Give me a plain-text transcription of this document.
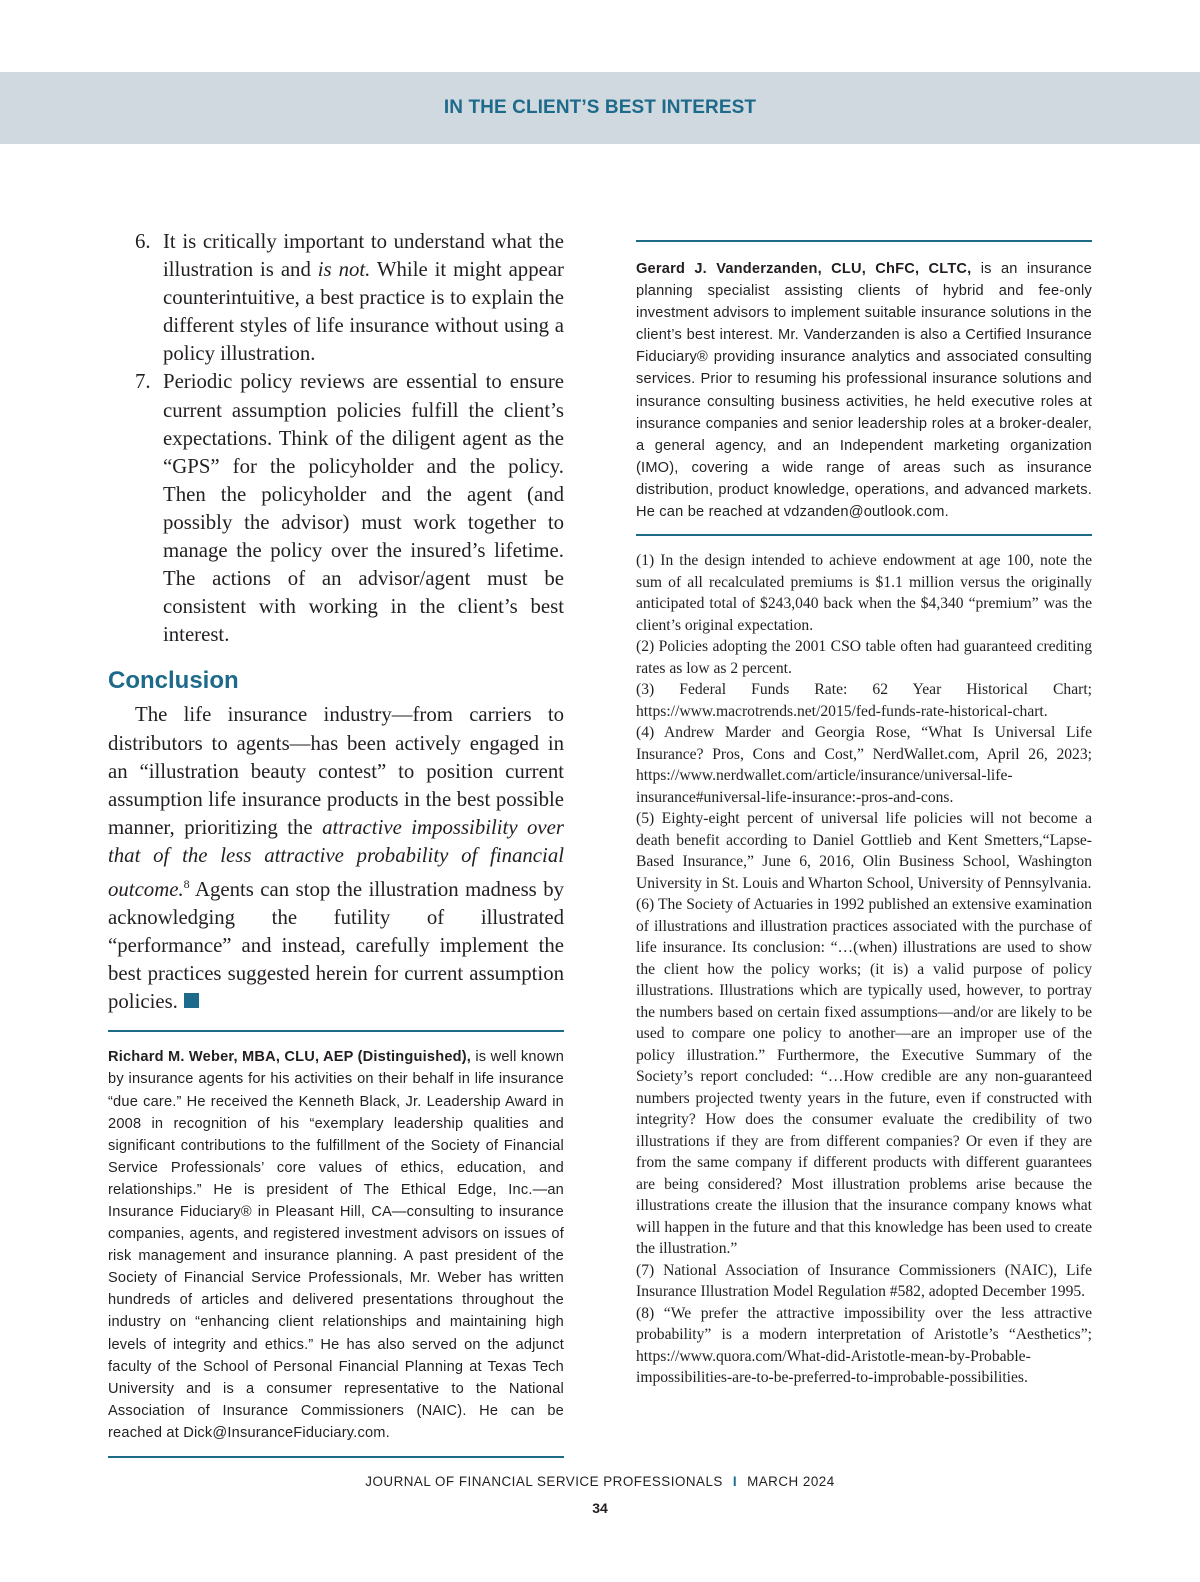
IN THE CLIENT’S BEST INTEREST
6. It is critically important to understand what the illustration is and is not. While it might appear counterintuitive, a best practice is to explain the different styles of life insurance without using a policy illustration.
7. Periodic policy reviews are essential to ensure current assumption policies fulfill the client’s expectations. Think of the diligent agent as the “GPS” for the policyholder and the policy. Then the policyholder and the agent (and possibly the advisor) must work together to manage the policy over the insured’s lifetime. The actions of an advisor/agent must be consistent with working in the client’s best interest.
Conclusion

The life insurance industry—from carriers to distributors to agents—has been actively engaged in an “illustration beauty contest” to position current assumption life insurance products in the best possible manner, prioritizing the attractive impossibility over that of the less attractive probability of financial outcome.$^8$ Agents can stop the illustration madness by acknowledging the futility of illustrated “performance” and instead, carefully implement the best practices suggested herein for current assumption policies.

Richard M. Weber, MBA, CLU, AEP (Distinguished), is well known by insurance agents for his activities on their behalf in life insurance “due care.” He received the Kenneth Black, Jr. Leadership Award in 2008 in recognition of his “exemplary leadership qualities and significant contributions to the fulfillment of the Society of Financial Service Professionals’ core values of ethics, education, and relationships.” He is president of The Ethical Edge, Inc.—an Insurance Fiduciary® in Pleasant Hill, CA—consulting to insurance companies, agents, and registered investment advisors on issues of risk management and insurance planning. A past president of the Society of Financial Service Professionals, Mr. Weber has written hundreds of articles and delivered presentations throughout the industry on “enhancing client relationships and maintaining high levels of integrity and ethics.” He has also served on the adjunct faculty of the School of Personal Financial Planning at Texas Tech University and is a consumer representative to the National Association of Insurance Commissioners (NAIC). He can be reached at Dick@InsuranceFiduciary.com.

Gerard J. Vanderzanden, CLU, ChFC, CLTC, is an insurance planning specialist assisting clients of hybrid and fee-only investment advisors to implement suitable insurance solutions in the client’s best interest. Mr. Vanderzanden is also a Certified Insurance Fiduciary® providing insurance analytics and associated consulting services. Prior to resuming his professional insurance solutions and insurance consulting business activities, he held executive roles at insurance companies and senior leadership roles at a broker-dealer, a general agency, and an Independent marketing organization (IMO), covering a wide range of areas such as insurance distribution, product knowledge, operations, and advanced markets. He can be reached at vdzanden@outlook.com.

(1) In the design intended to achieve endowment at age 100, note the sum of all recalculated premiums is $1.1 million versus the originally anticipated total of $243,040 back when the $4,340 “premium” was the client’s original expectation.

(2) Policies adopting the 2001 CSO table often had guaranteed crediting rates as low as 2 percent.

(3) Federal Funds Rate: 62 Year Historical Chart; https://www.macrotrends.net/2015/fed-funds-rate-historical-chart.

(4) Andrew Marder and Georgia Rose, “What Is Universal Life Insurance? Pros, Cons and Cost,” NerdWallet.com, April 26, 2023; https://www.nerdwallet.com/article/insurance/universal-life-insurance#universal-life-insurance:-pros-and-cons.

(5) Eighty-eight percent of universal life policies will not become a death benefit according to Daniel Gottlieb and Kent Smetters,“Lapse-Based Insurance,” June 6, 2016, Olin Business School, Washington University in St. Louis and Wharton School, University of Pennsylvania.

(6) The Society of Actuaries in 1992 published an extensive examination of illustrations and illustration practices associated with the purchase of life insurance. Its conclusion: “…(when) illustrations are used to show the client how the policy works; (it is) a valid purpose of policy illustrations. Illustrations which are typically used, however, to portray the numbers based on certain fixed assumptions—and/or are likely to be used to compare one policy to another—are an improper use of the policy illustration.” Furthermore, the Executive Summary of the Society’s report concluded: “…How credible are any non-guaranteed numbers projected twenty years in the future, even if constructed with integrity? How does the consumer evaluate the credibility of two illustrations if they are from different companies? Or even if they are from the same company if different products with different guarantees are being considered? Most illustration problems arise because the illustrations create the illusion that the insurance company knows what will happen in the future and that this knowledge has been used to create the illustration.”

(7) National Association of Insurance Commissioners (NAIC), Life Insurance Illustration Model Regulation #582, adopted December 1995.

(8) “We prefer the attractive impossibility over the less attractive probability” is a modern interpretation of Aristotle’s “Aesthetics”; https://www.quora.com/What-did-Aristotle-mean-by-Probable-impossibilities-are-to-be-preferred-to-improbable-possibilities.

JOURNAL OF FINANCIAL SERVICE PROFESSIONALS I MARCH 2024
34
